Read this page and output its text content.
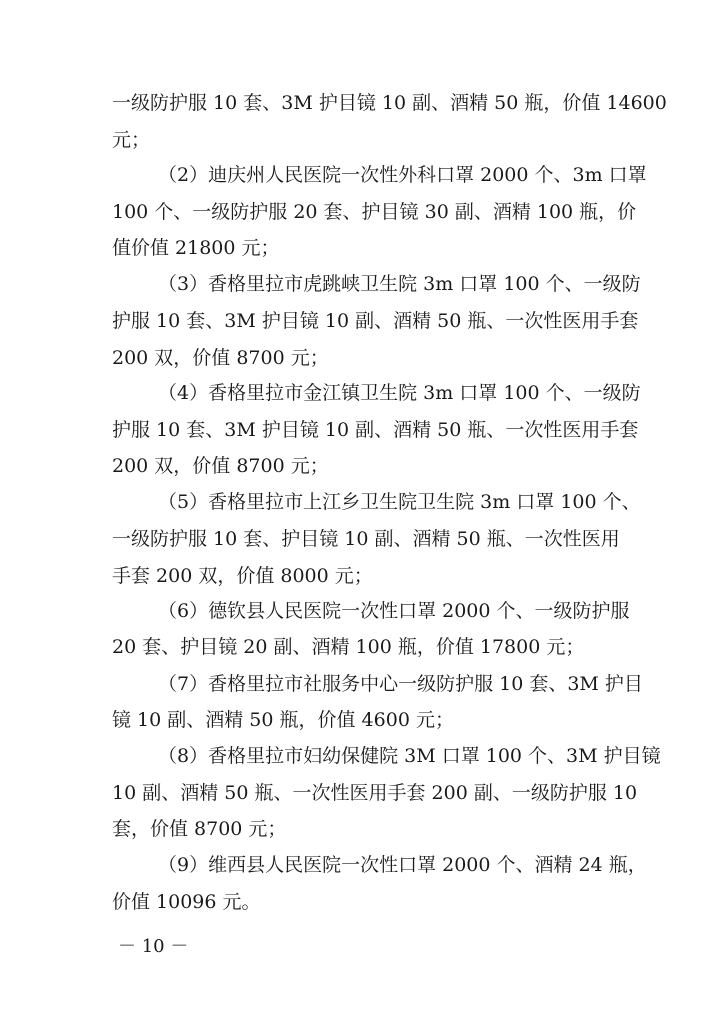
一级防护服 10 套、3M 护目镜 10 副、酒精 50 瓶，价值 14600
元；
（2）迪庆州人民医院一次性外科口罩 2000 个、3m 口罩
100 个、一级防护服 20 套、护目镜 30 副、酒精 100 瓶，价
值价值 21800 元；
（3）香格里拉市虎跳峡卫生院 3m 口罩 100 个、一级防
护服 10 套、3M 护目镜 10 副、酒精 50 瓶、一次性医用手套
200 双，价值 8700 元；
（4）香格里拉市金江镇卫生院 3m 口罩 100 个、一级防
护服 10 套、3M 护目镜 10 副、酒精 50 瓶、一次性医用手套
200 双，价值 8700 元；
（5）香格里拉市上江乡卫生院卫生院 3m 口罩 100 个、
一级防护服 10 套、护目镜 10 副、酒精 50 瓶、一次性医用
手套 200 双，价值 8000 元；
（6）德钦县人民医院一次性口罩 2000 个、一级防护服
20 套、护目镜 20 副、酒精 100 瓶，价值 17800 元；
（7）香格里拉市社服务中心一级防护服 10 套、3M 护目
镜 10 副、酒精 50 瓶，价值 4600 元；
（8）香格里拉市妇幼保健院 3M 口罩 100 个、3M 护目镜
10 副、酒精 50 瓶、一次性医用手套 200 副、一级防护服 10
套，价值 8700 元；
（9）维西县人民医院一次性口罩 2000 个、酒精 24 瓶，
价值 10096 元。
－ 10 －
